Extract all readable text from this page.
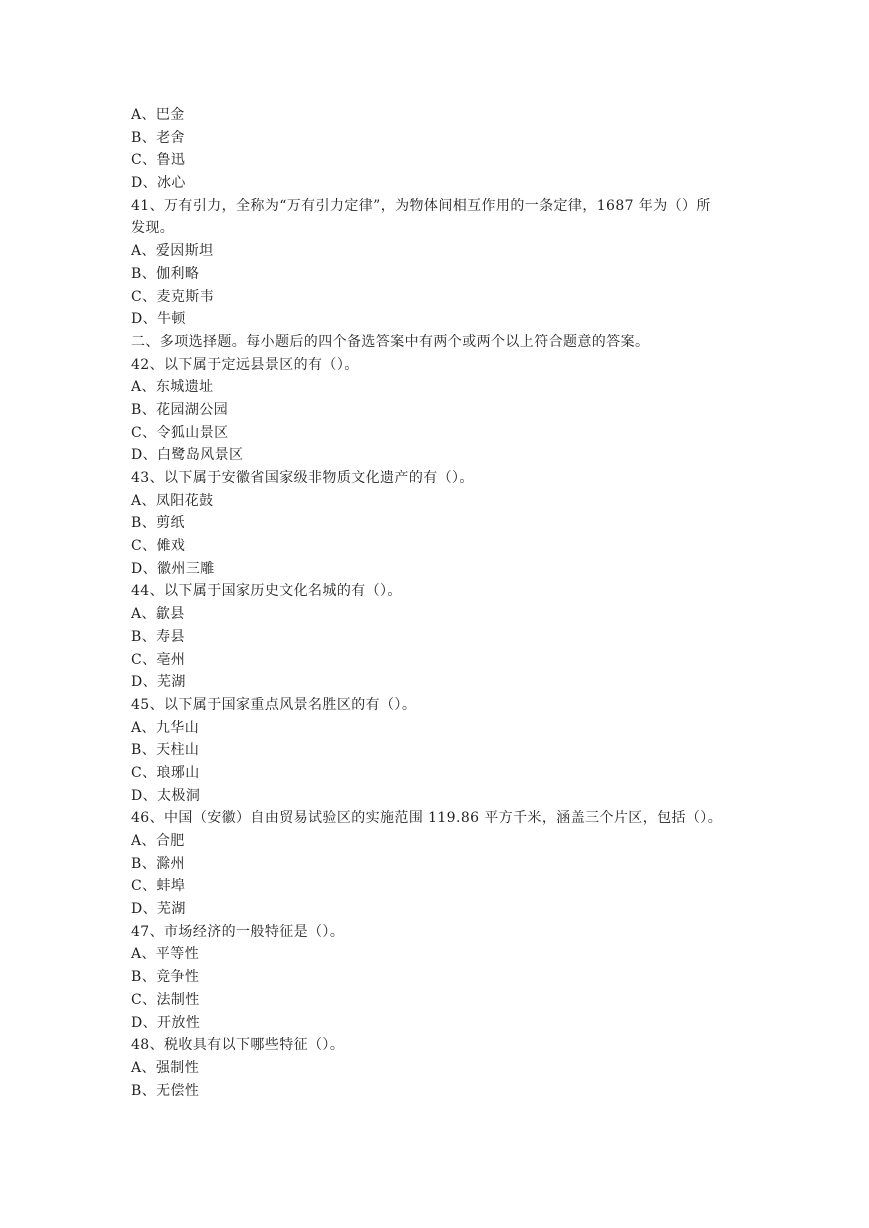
A、巴金
B、老舍
C、鲁迅
D、冰心
41、万有引力，全称为“万有引力定律”，为物体间相互作用的一条定律，1687 年为（）所
发现。
A、爱因斯坦
B、伽利略
C、麦克斯韦
D、牛顿
二、多项选择题。每小题后的四个备选答案中有两个或两个以上符合题意的答案。
42、以下属于定远县景区的有（）。
A、东城遗址
B、花园湖公园
C、令狐山景区
D、白鹭岛风景区
43、以下属于安徽省国家级非物质文化遗产的有（）。
A、凤阳花鼓
B、剪纸
C、傩戏
D、徽州三雕
44、以下属于国家历史文化名城的有（）。
A、歙县
B、寿县
C、亳州
D、芜湖
45、以下属于国家重点风景名胜区的有（）。
A、九华山
B、天柱山
C、琅琊山
D、太极洞
46、中国（安徽）自由贸易试验区的实施范围 119.86 平方千米，涵盖三个片区，包括（）。
A、合肥
B、滁州
C、蚌埠
D、芜湖
47、市场经济的一般特征是（）。
A、平等性
B、竞争性
C、法制性
D、开放性
48、税收具有以下哪些特征（）。
A、强制性
B、无偿性
